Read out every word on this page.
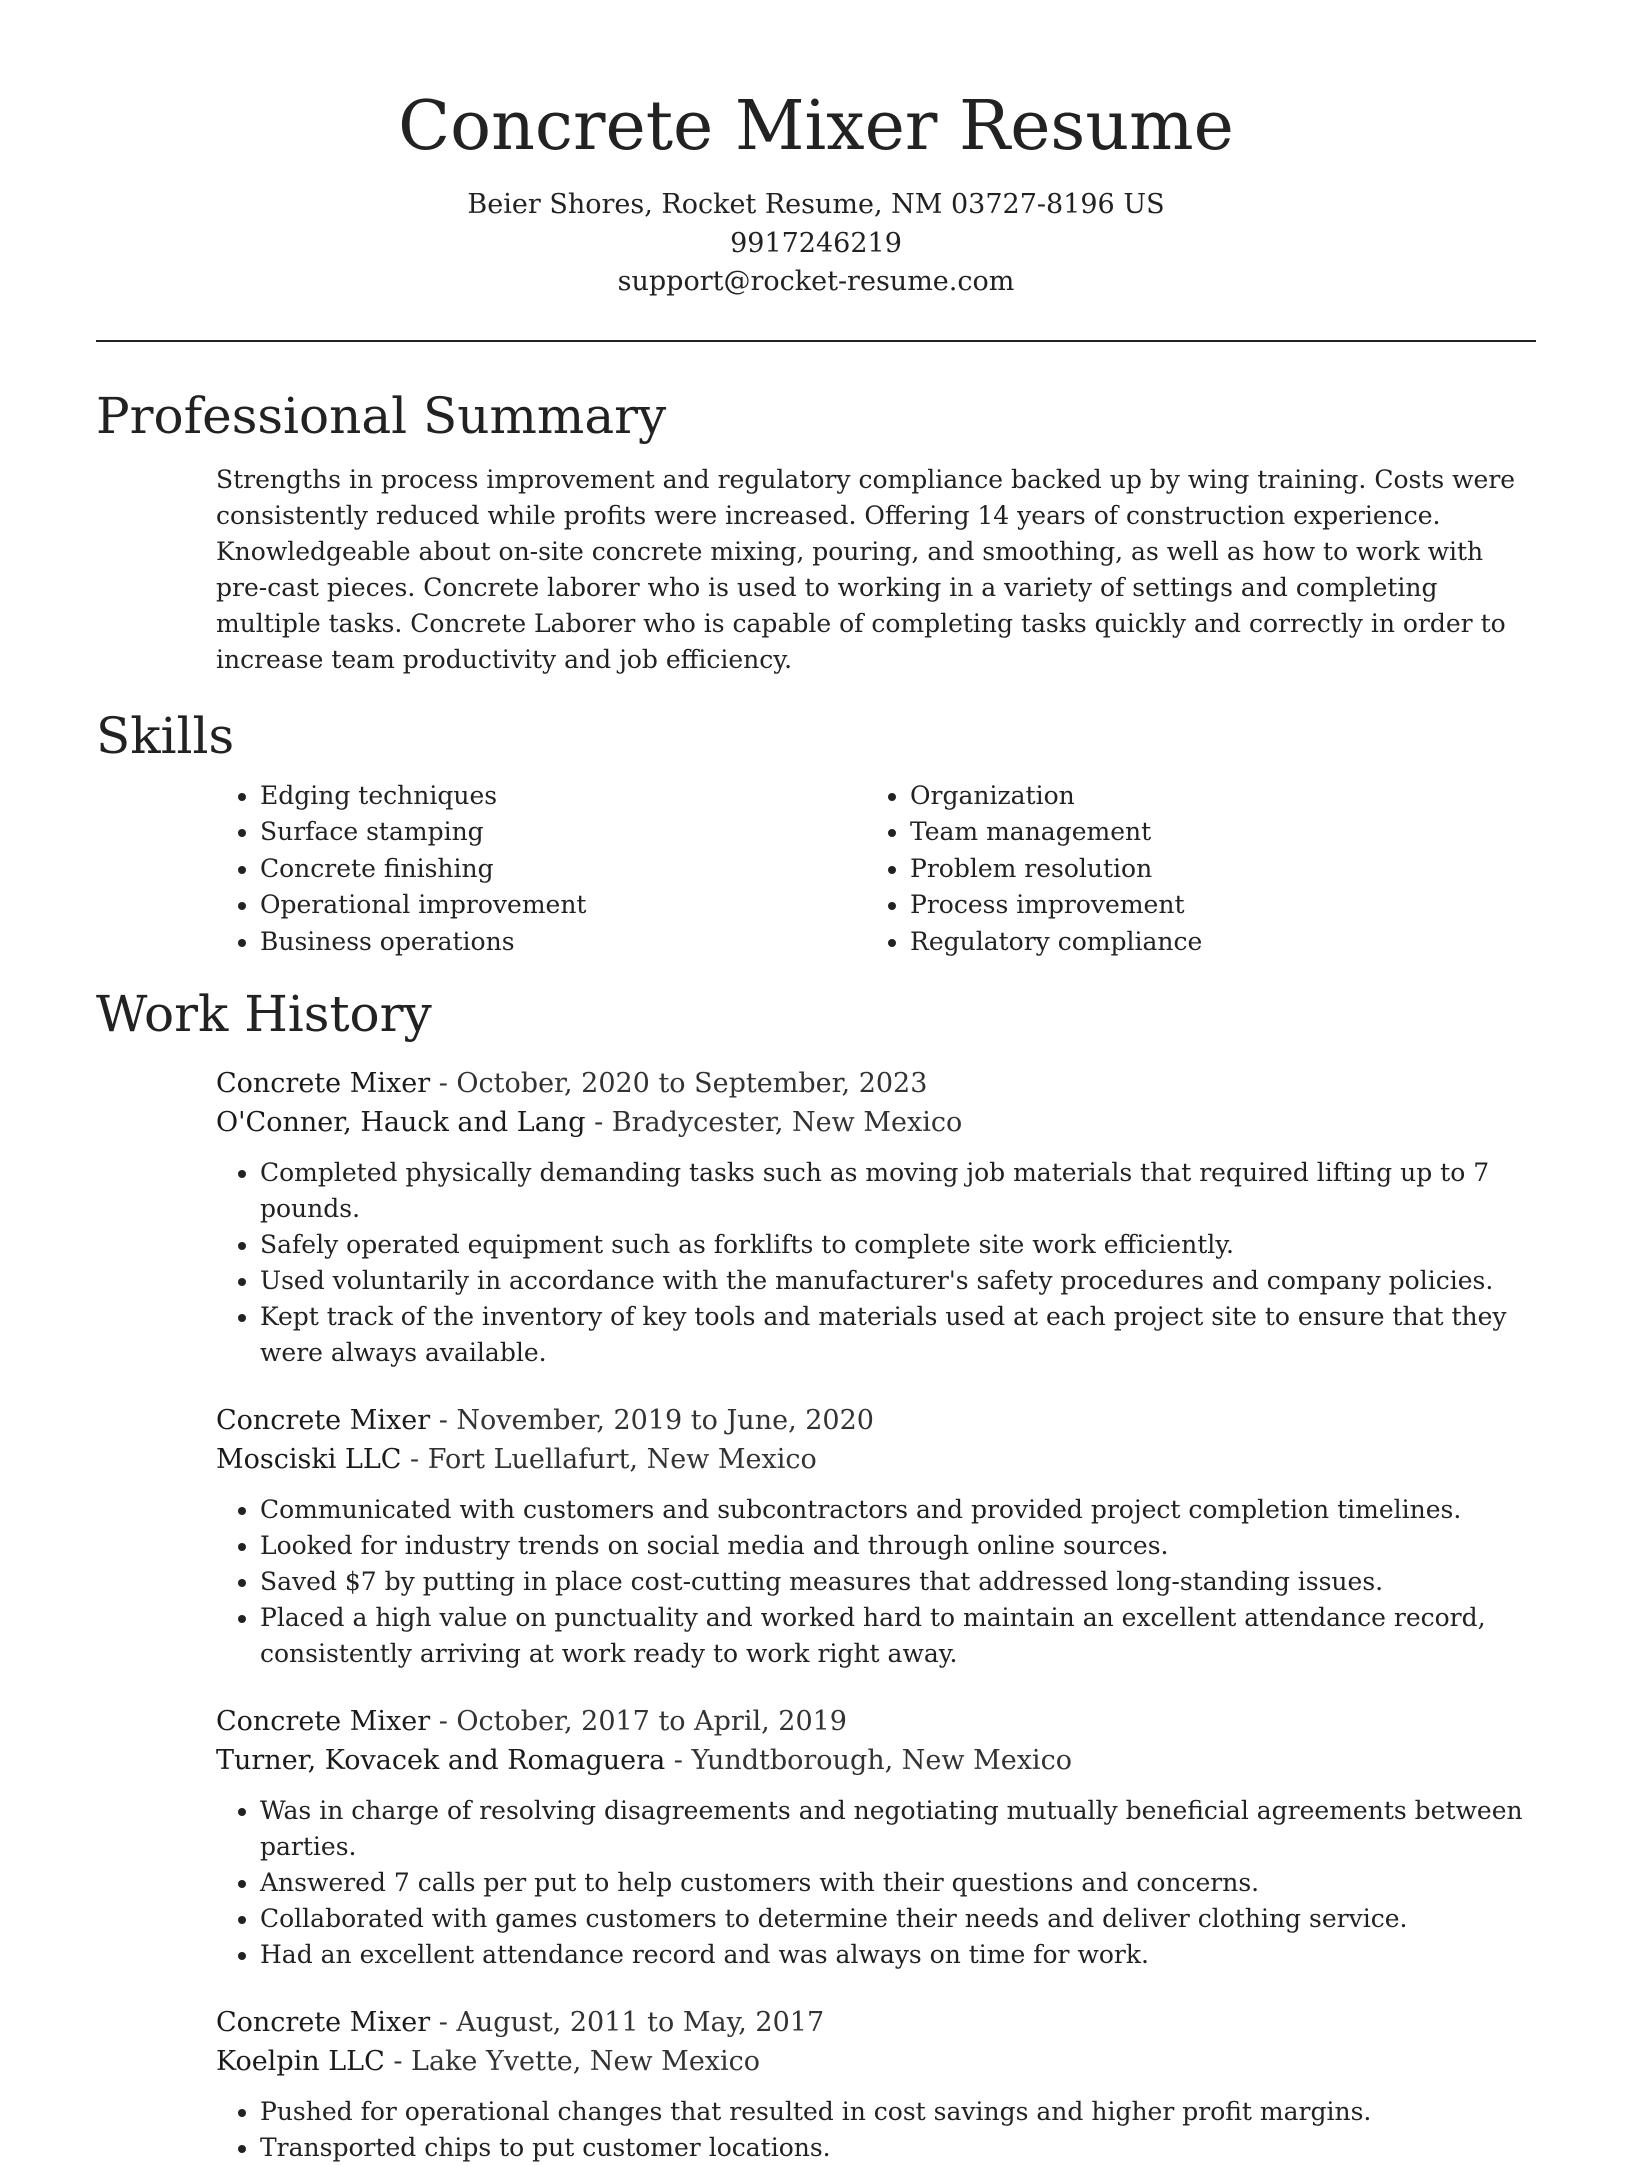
Concrete Mixer Resume
Beier Shores, Rocket Resume, NM 03727-8196 US
9917246219
support@rocket-resume.com
Professional Summary

Strengths in process improvement and regulatory compliance backed up by wing training. Costs were consistently reduced while profits were increased. Offering 14 years of construction experience. Knowledgeable about on-site concrete mixing, pouring, and smoothing, as well as how to work with pre-cast pieces. Concrete laborer who is used to working in a variety of settings and completing multiple tasks. Concrete Laborer who is capable of completing tasks quickly and correctly in order to increase team productivity and job efficiency.

Skills
• Edging techniques
• Surface stamping
• Concrete finishing
• Operational improvement
• Business operations
• Organization
• Team management
• Problem resolution
• Process improvement
• Regulatory compliance
Work History
Concrete Mixer - October, 2020 to September, 2023
O'Conner, Hauck and Lang - Bradycester, New Mexico
• Completed physically demanding tasks such as moving job materials that required lifting up to 7 pounds.
• Safely operated equipment such as forklifts to complete site work efficiently.
• Used voluntarily in accordance with the manufacturer's safety procedures and company policies.
• Kept track of the inventory of key tools and materials used at each project site to ensure that they were always available.
Concrete Mixer - November, 2019 to June, 2020
Mosciski LLC - Fort Luellafurt, New Mexico
• Communicated with customers and subcontractors and provided project completion timelines.
• Looked for industry trends on social media and through online sources.
• Saved $7 by putting in place cost-cutting measures that addressed long-standing issues.
• Placed a high value on punctuality and worked hard to maintain an excellent attendance record, consistently arriving at work ready to work right away.
Concrete Mixer - October, 2017 to April, 2019
Turner, Kovacek and Romaguera - Yundtborough, New Mexico
• Was in charge of resolving disagreements and negotiating mutually beneficial agreements between parties.
• Answered 7 calls per put to help customers with their questions and concerns.
• Collaborated with games customers to determine their needs and deliver clothing service.
• Had an excellent attendance record and was always on time for work.
Concrete Mixer - August, 2011 to May, 2017
Koelpin LLC - Lake Yvette, New Mexico
• Pushed for operational changes that resulted in cost savings and higher profit margins.
• Transported chips to put customer locations.
